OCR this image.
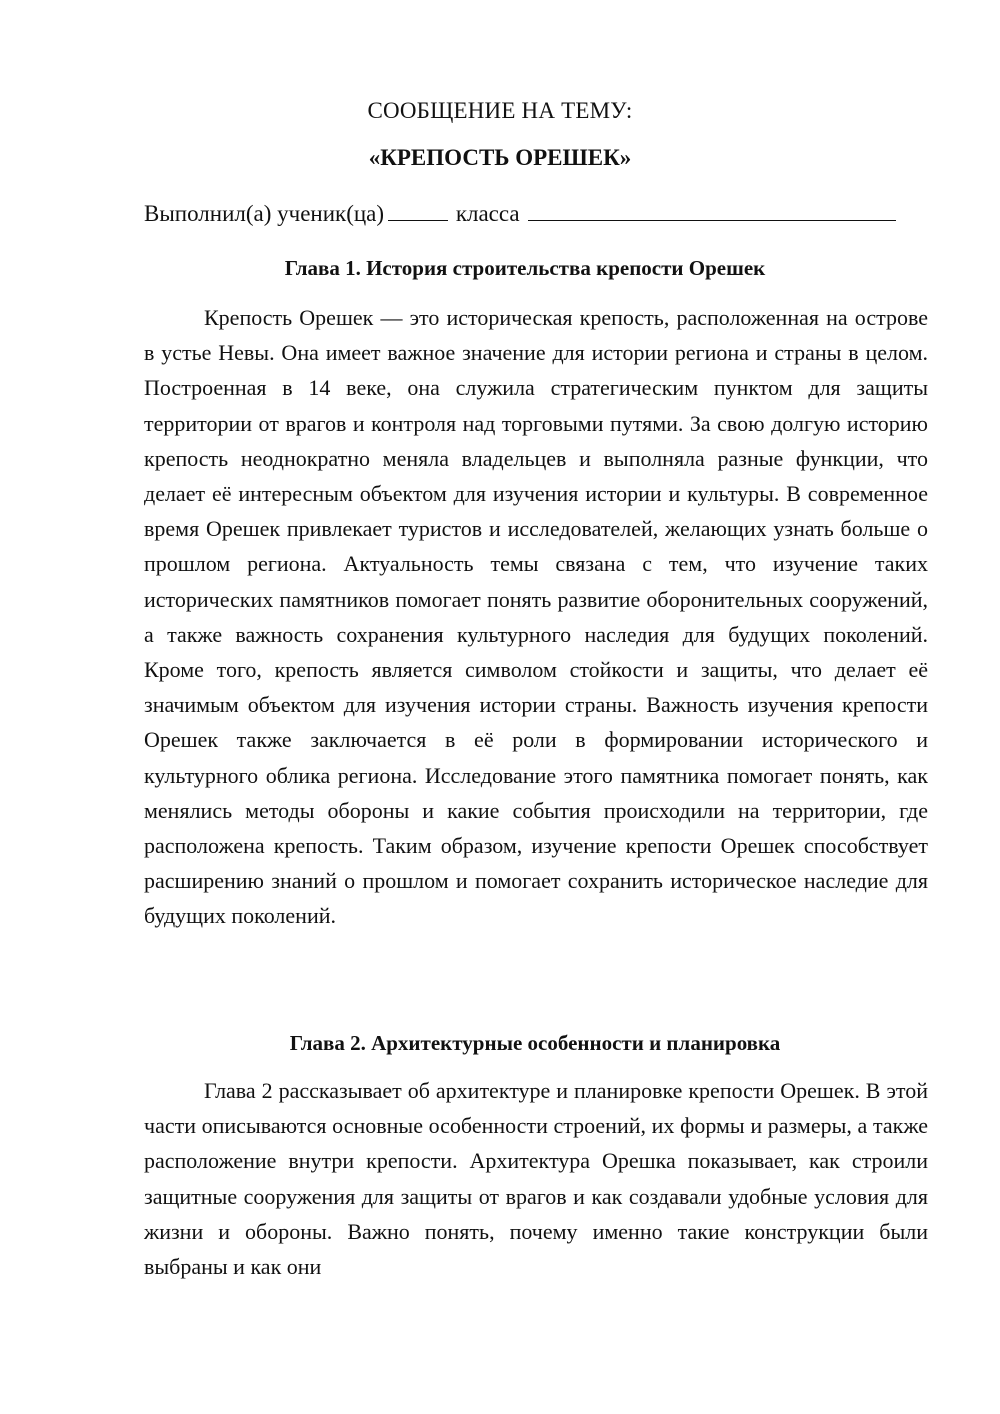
СООБЩЕНИЕ НА ТЕМУ:
«КРЕПОСТЬ ОРЕШЕК»
Выполнил(а) ученик(ца)	класса
Глава 1. История строительства крепости Орешек
Крепость Орешек — это историческая крепость, расположенная на острове в устье Невы. Она имеет важное значение для истории региона и страны в целом. Построенная в 14 веке, она служила стратегическим пунктом для защиты территории от врагов и контроля над торговыми путями. За свою долгую историю крепость неоднократно меняла владельцев и выполняла разные функции, что делает её интересным объектом для изучения истории и культуры. В современное время Орешек привлекает туристов и исследователей, желающих узнать больше о прошлом региона. Актуальность темы связана с тем, что изучение таких исторических памятников помогает понять развитие оборонительных сооружений, а также важность сохранения культурного наследия для будущих поколений. Кроме того, крепость является символом стойкости и защиты, что делает её значимым объектом для изучения истории страны. Важность изучения крепости Орешек также заключается в её роли в формировании исторического и культурного облика региона. Исследование этого памятника помогает понять, как менялись методы обороны и какие события происходили на территории, где расположена крепость. Таким образом, изучение крепости Орешек способствует расширению знаний о прошлом и помогает сохранить историческое наследие для будущих поколений.
Глава 2. Архитектурные особенности и планировка
Глава 2 рассказывает об архитектуре и планировке крепости Орешек. В этой части описываются основные особенности строений, их формы и размеры, а также расположение внутри крепости. Архитектура Орешка показывает, как строили защитные сооружения для защиты от врагов и как создавали удобные условия для жизни и обороны. Важно понять, почему именно такие конструкции были выбраны и как они
